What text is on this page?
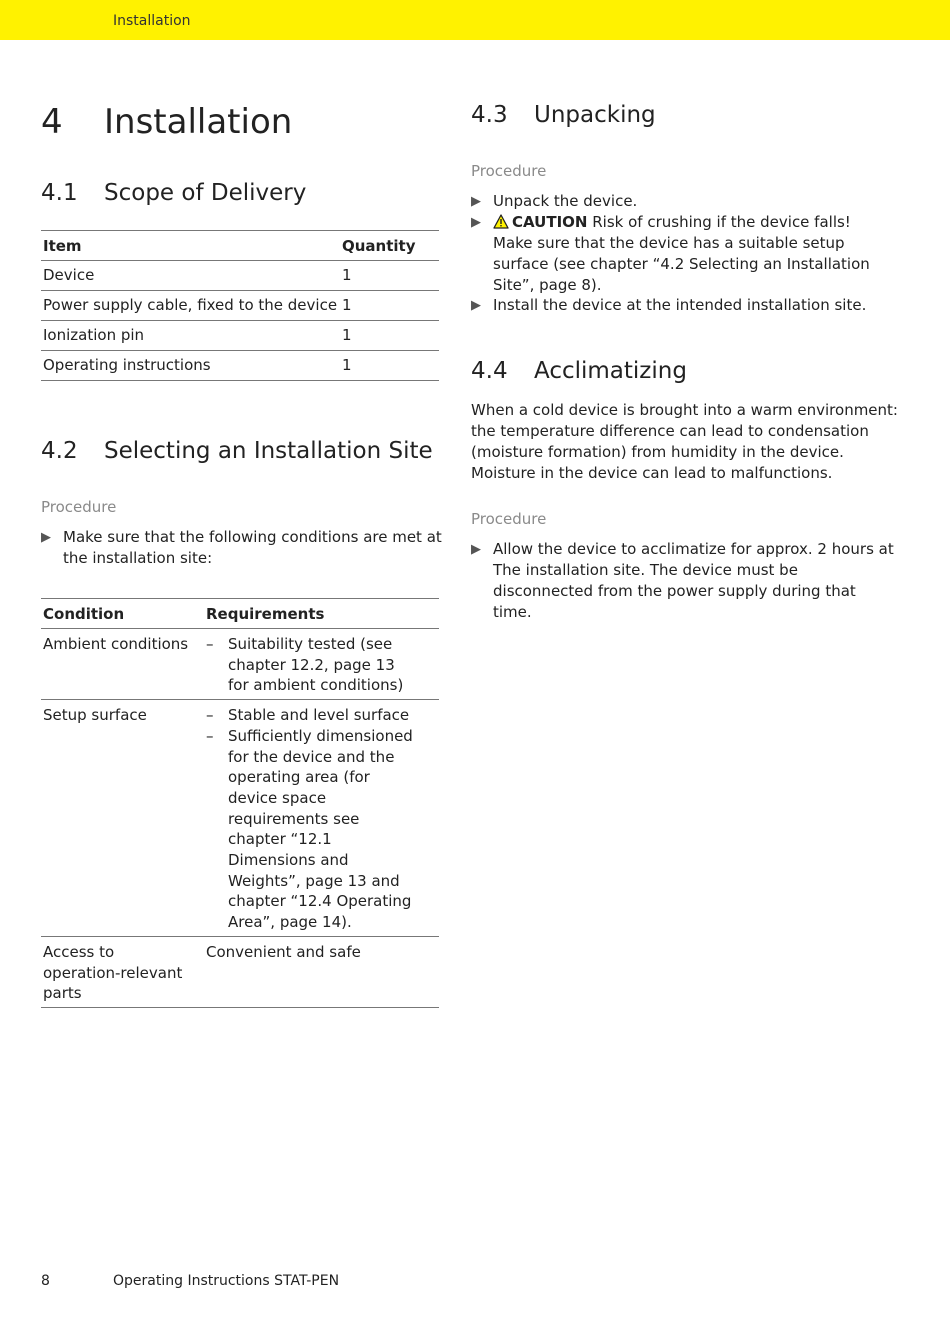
Installation
4 Installation
4.1 Scope of Delivery
Item	Quantity
Device	1
Power supply cable, fixed to the device	1
Ionization pin	1
Operating instructions	1
4.2 Selecting an Installation Site
Procedure
▶ Make sure that the following conditions are met at
the installation site:
Condition	Requirements
Ambient conditions	– Suitability tested (see chapter 12.2, page 13 for ambient conditions)

Setup surface	– Stable and level surface
– Sufficiently dimensioned for the device and the operating area (for device space requirements see chapter “12.1 Dimensions and Weights”, page 13 and chapter “12.4 Operating Area”, page 14).

Access to operation-relevant parts	Convenient and safe
4.3 Unpacking
Procedure
▶ Unpack the device.
▶	CAUTION Risk of crushing if the device falls!
Make sure that the device has a suitable setup
surface (see chapter “4.2 Selecting an Installation
Site”, page 8).
▶ Install the device at the intended installation site.
4.4 Acclimatizing
When a cold device is brought into a warm environment:
the temperature difference can lead to condensation
(moisture formation) from humidity in the device.
Moisture in the device can lead to malfunctions.
Procedure
▶ Allow the device to acclimatize for approx. 2 hours at
The installation site. The device must be
disconnected from the power supply during that
time.
8	Operating Instructions STAT-PEN
